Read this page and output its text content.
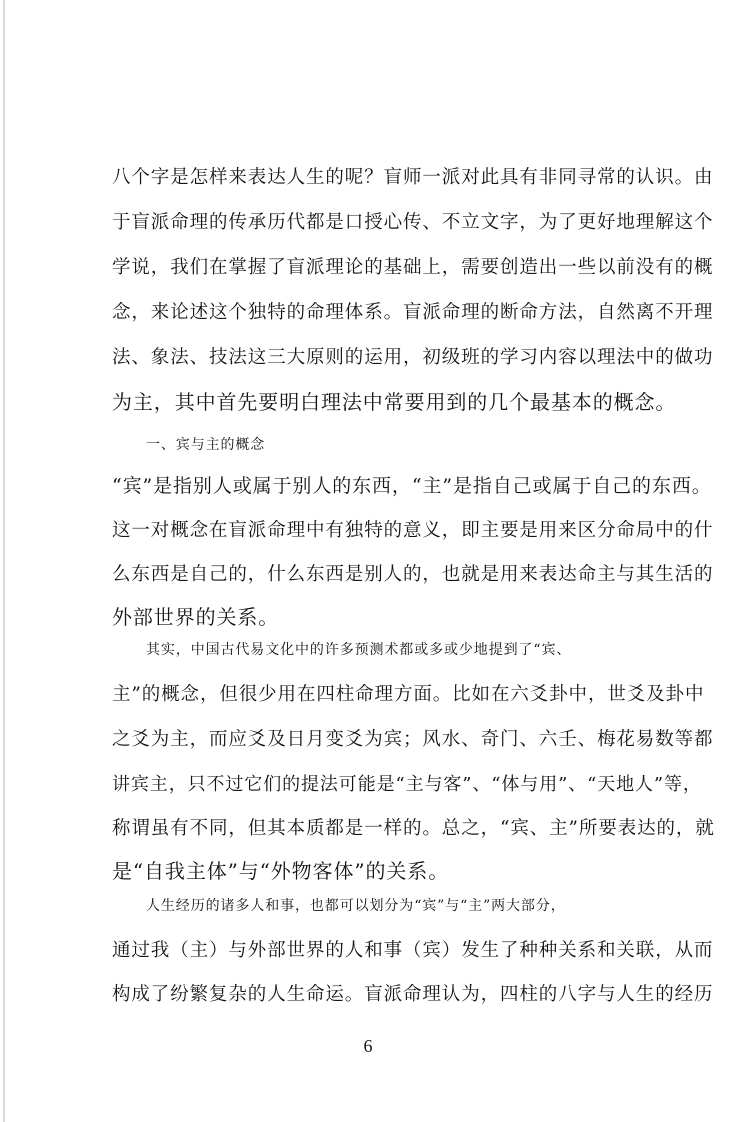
八个字是怎样来表达人生的呢？盲师一派对此具有非同寻常的认识。由
于盲派命理的传承历代都是口授心传、不立文字，为了更好地理解这个
学说，我们在掌握了盲派理论的基础上，需要创造出一些以前没有的概
念，来论述这个独特的命理体系。盲派命理的断命方法，自然离不开理
法、象法、技法这三大原则的运用，初级班的学习内容以理法中的做功
为主，其中首先要明白理法中常要用到的几个最基本的概念。
一、宾与主的概念
“宾”是指别人或属于别人的东西，“主”是指自己或属于自己的东西。
这一对概念在盲派命理中有独特的意义，即主要是用来区分命局中的什
么东西是自己的，什么东西是别人的，也就是用来表达命主与其生活的
外部世界的关系。
其实，中国古代易文化中的许多预测术都或多或少地提到了“宾、
主”的概念，但很少用在四柱命理方面。比如在六爻卦中，世爻及卦中
之爻为主，而应爻及日月变爻为宾；风水、奇门、六壬、梅花易数等都
讲宾主，只不过它们的提法可能是“主与客”、“体与用”、“天地人”等，
称谓虽有不同，但其本质都是一样的。总之，“宾、主”所要表达的，就
是“自我主体”与“外物客体”的关系。
人生经历的诸多人和事，也都可以划分为“宾”与“主”两大部分，
通过我（主）与外部世界的人和事（宾）发生了种种关系和关联，从而
构成了纷繁复杂的人生命运。盲派命理认为，四柱的八字与人生的经历
6
